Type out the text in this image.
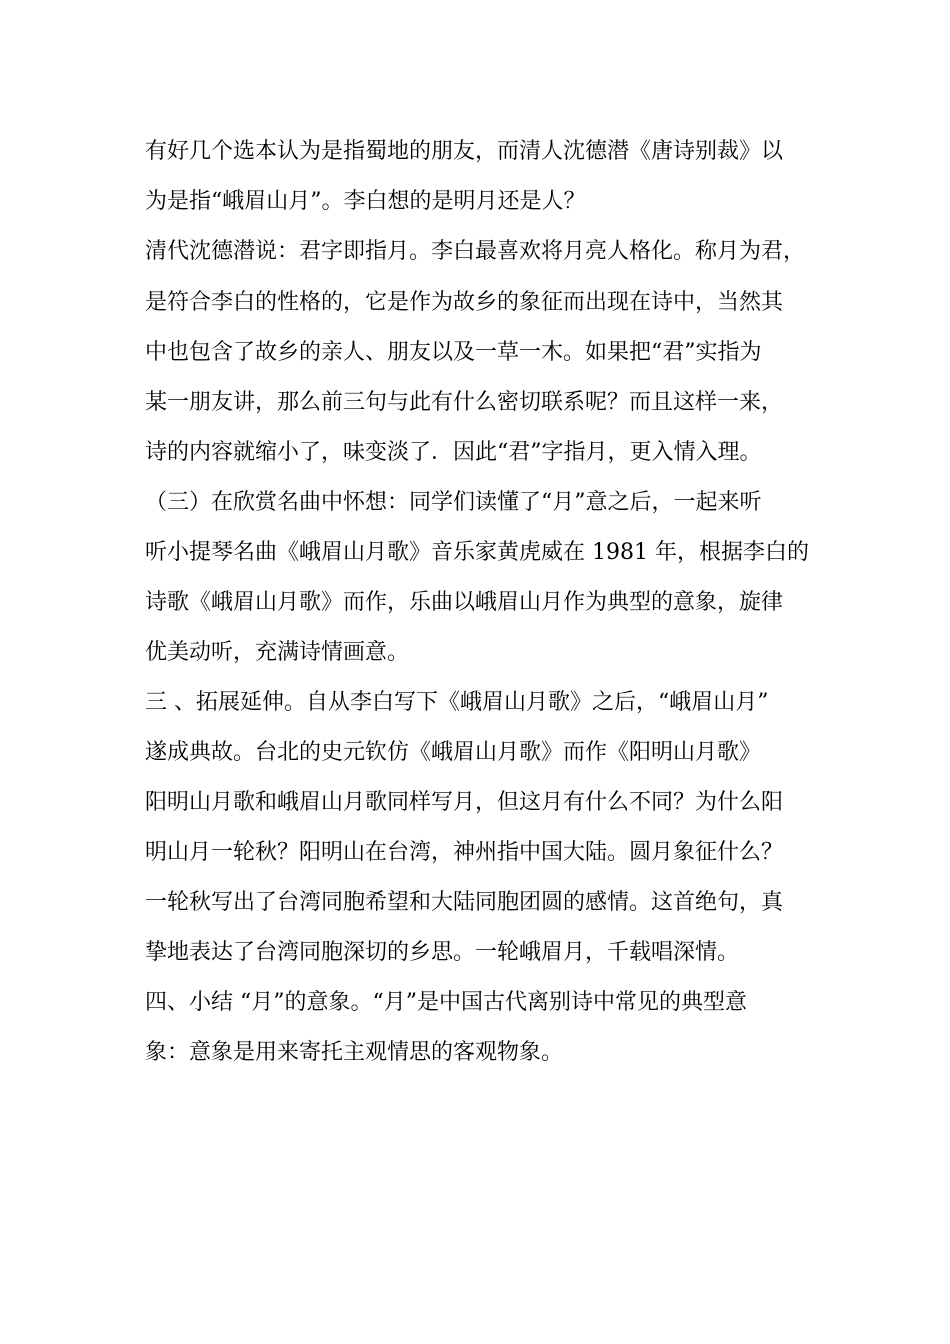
有好几个选本认为是指蜀地的朋友，而清人沈德潜《唐诗别裁》以
为是指“峨眉山月”。李白想的是明月还是人？
清代沈德潜说：君字即指月。李白最喜欢将月亮人格化。称月为君，
是符合李白的性格的，它是作为故乡的象征而出现在诗中，当然其
中也包含了故乡的亲人、朋友以及一草一木。如果把“君”实指为
某一朋友讲，那么前三句与此有什么密切联系呢？而且这样一来，
诗的内容就缩小了，味变淡了．因此“君”字指月，更入情入理。
（三）在欣赏名曲中怀想：同学们读懂了“月”意之后，一起来听
听小提琴名曲《峨眉山月歌》音乐家黄虎威在 1981 年，根据李白的
诗歌《峨眉山月歌》而作，乐曲以峨眉山月作为典型的意象，旋律
优美动听，充满诗情画意。
三 、拓展延伸。自从李白写下《峨眉山月歌》之后，“峨眉山月”
遂成典故。台北的史元钦仿《峨眉山月歌》而作《阳明山月歌》
阳明山月歌和峨眉山月歌同样写月，但这月有什么不同？为什么阳
明山月一轮秋？阳明山在台湾，神州指中国大陆。圆月象征什么？
一轮秋写出了台湾同胞希望和大陆同胞团圆的感情。这首绝句，真
挚地表达了台湾同胞深切的乡思。一轮峨眉月，千载唱深情。
四、小结 “月”的意象。“月”是中国古代离别诗中常见的典型意
象：意象是用来寄托主观情思的客观物象。
